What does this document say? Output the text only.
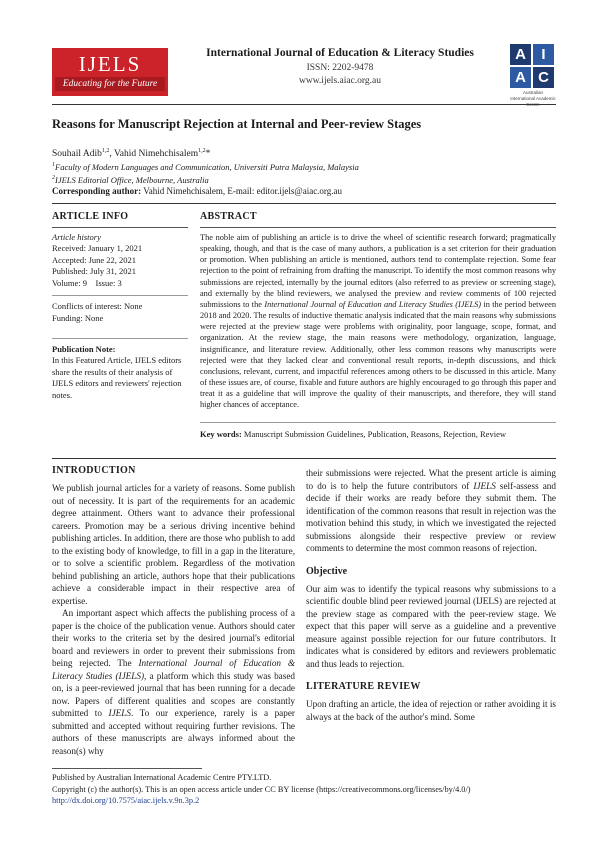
IJELS
Educating for the Future
International Journal of Education & Literacy Studies
ISSN: 2202-9478
www.ijels.aiac.org.au
A	I
A C
Australian International Academic Centre
Reasons for Manuscript Rejection at Internal and Peer-review Stages
Souhail Adib$^{1,2}$, Vahid Nimehchisalem$^{1,2}$*
$^1$Faculty of Modern Languages and Communication, Universiti Putra Malaysia, Malaysia
$^2$IJELS Editorial Office, Melbourne, Australia
Corresponding author: Vahid Nimehchisalem, E-mail: editor.ijels@aiac.org.au
ARTICLE INFO
Article history
Received: January 1, 2021
Accepted: June 22, 2021
Published: July 31, 2021
Volume: 9    Issue: 3
Conflicts of interest: None
Funding: None
Publication Note:
In this Featured Article, IJELS editors share the results of their analysis of IJELS editors and reviewers' rejection notes.
ABSTRACT
The noble aim of publishing an article is to drive the wheel of scientific research forward; pragmatically speaking, though, and that is the case of many authors, a publication is a set criterion for their graduation or promotion. When publishing an article is mentioned, authors tend to contemplate rejection. Some fear rejection to the point of refraining from drafting the manuscript. To identify the most common reasons why submissions are rejected, internally by the journal editors (also referred to as preview or screening stage), and externally by the blind reviewers, we analysed the preview and review comments of 100 rejected submissions to the International Journal of Education and Literacy Studies (IJELS) in the period between 2018 and 2020. The results of inductive thematic analysis indicated that the main reasons why submissions were rejected at the preview stage were problems with originality, poor language, scope, format, and organization. At the review stage, the main reasons were methodology, organization, language, insignificance, and literature review. Additionally, other less common reasons why manuscripts were rejected were that they lacked clear and conventional result reports, in-depth discussions, and thick conclusions, relevant, current, and impactful references among others to be discussed in this article. Many of these issues are, of course, fixable and future authors are highly encouraged to go through this paper and treat it as a guideline that will improve the quality of their manuscripts, and therefore, they will stand higher chances of acceptance.
Key words: Manuscript Submission Guidelines, Publication, Reasons, Rejection, Review
INTRODUCTION
We publish journal articles for a variety of reasons. Some publish out of necessity. It is part of the requirements for an academic degree attainment. Others want to advance their professional careers. Promotion may be a serious driving incentive behind publishing articles. In addition, there are those who publish to add to the existing body of knowledge, to fill in a gap in the literature, or to solve a scientific problem. Regardless of the motivation behind publishing an article, authors hope that their publications achieve a considerable impact in their respective area of expertise.
An important aspect which affects the publishing process of a paper is the choice of the publication venue. Authors should cater their works to the criteria set by the desired journal's editorial board and reviewers in order to prevent their submissions from being rejected. The International Journal of Education & Literacy Studies (IJELS), a platform which this study was based on, is a peer-reviewed journal that has been running for a decade now. Papers of different qualities and scopes are constantly submitted to IJELS. To our experience, rarely is a paper submitted and accepted without requiring further revisions. The authors of these manuscripts are always informed about the reason(s) why
their submissions were rejected. What the present article is aiming to do is to help the future contributors of IJELS self-assess and decide if their works are ready before they submit them. The identification of the common reasons that result in rejection was the motivation behind this study, in which we investigated the rejected submissions alongside their respective preview or review comments to determine the most common reasons of rejection.
Objective
Our aim was to identify the typical reasons why submissions to a scientific double blind peer reviewed journal (IJELS) are rejected at the preview stage as compared with the peer-review stage. We expect that this paper will serve as a guideline and a preventive measure against possible rejection for our future contributors. It indicates what is considered by editors and reviewers problematic and thus leads to rejection.
LITERATURE REVIEW
Upon drafting an article, the idea of rejection or rather avoiding it is always at the back of the author's mind. Some
Published by Australian International Academic Centre PTY.LTD.
Copyright (c) the author(s). This is an open access article under CC BY license (https://creativecommons.org/licenses/by/4.0/)
http://dx.doi.org/10.7575/aiac.ijels.v.9n.3p.2
